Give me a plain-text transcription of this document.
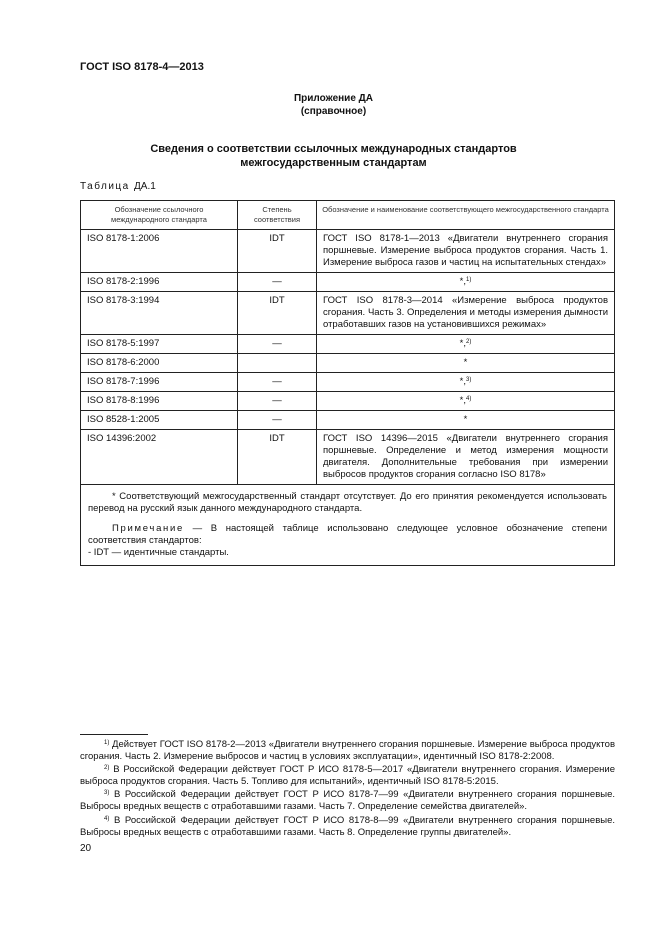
ГОСТ ISO 8178-4—2013
Приложение ДА
(справочное)
Сведения о соответствии ссылочных международных стандартов
межгосударственным стандартам
Таблица ДА.1
Обозначение ссылочного международного стандарта	Степень соответствия	Обозначение и наименование соответствующего межгосударственного стандарта
ISO 8178-1:2006	IDT	ГОСТ ISO 8178-1—2013 «Двигатели внутреннего сгорания поршневые. Измерение выброса продуктов сгорания. Часть 1. Измерение выброса газов и частиц на испытательных стендах»
ISO 8178-2:1996	—	*,$^{1)}$
ISO 8178-3:1994	IDT	ГОСТ ISO 8178-3—2014 «Измерение выброса продуктов сгорания. Часть 3. Определения и методы измерения дымности отработавших газов на установившихся режимах»
ISO 8178-5:1997	—	*,$^{2)}$
ISO 8178-6:2000		*
ISO 8178-7:1996	—	*,$^{3)}$
ISO 8178-8:1996	—	*,$^{4)}$
ISO 8528-1:2005	—	*
ISO 14396:2002	IDT	ГОСТ ISO 14396—2015 «Двигатели внутреннего сгорания поршневые. Определение и метод измерения мощности двигателя. Дополнительные требования при измерении выбросов продуктов сгорания согласно ISO 8178»

* Соответствующий межгосударственный стандарт отсутствует. До его принятия рекомендуется использовать перевод на русский язык данного международного стандарта.

Примечание — В настоящей таблице использовано следующее условное обозначение степени соответствия стандартов:

- IDT — идентичные стандарты.		

$^{1)}$ Действует ГОСТ ISO 8178-2—2013 «Двигатели внутреннего сгорания поршневые. Измерение выброса продуктов сгорания. Часть 2. Измерение выбросов и частиц в условиях эксплуатации», идентичный ISO 8178-2:2008.

$^{2)}$ В Российской Федерации действует ГОСТ Р ИСО 8178-5—2017 «Двигатели внутреннего сгорания. Измерение выброса продуктов сгорания. Часть 5. Топливо для испытаний», идентичный ISO 8178-5:2015.

$^{3)}$ В Российской Федерации действует ГОСТ Р ИСО 8178-7—99 «Двигатели внутреннего сгорания поршневые. Выбросы вредных веществ с отработавшими газами. Часть 7. Определение семейства двигателей».

$^{4)}$ В Российской Федерации действует ГОСТ Р ИСО 8178-8—99 «Двигатели внутреннего сгорания поршневые. Выбросы вредных веществ с отработавшими газами. Часть 8. Определение группы двигателей».

20
